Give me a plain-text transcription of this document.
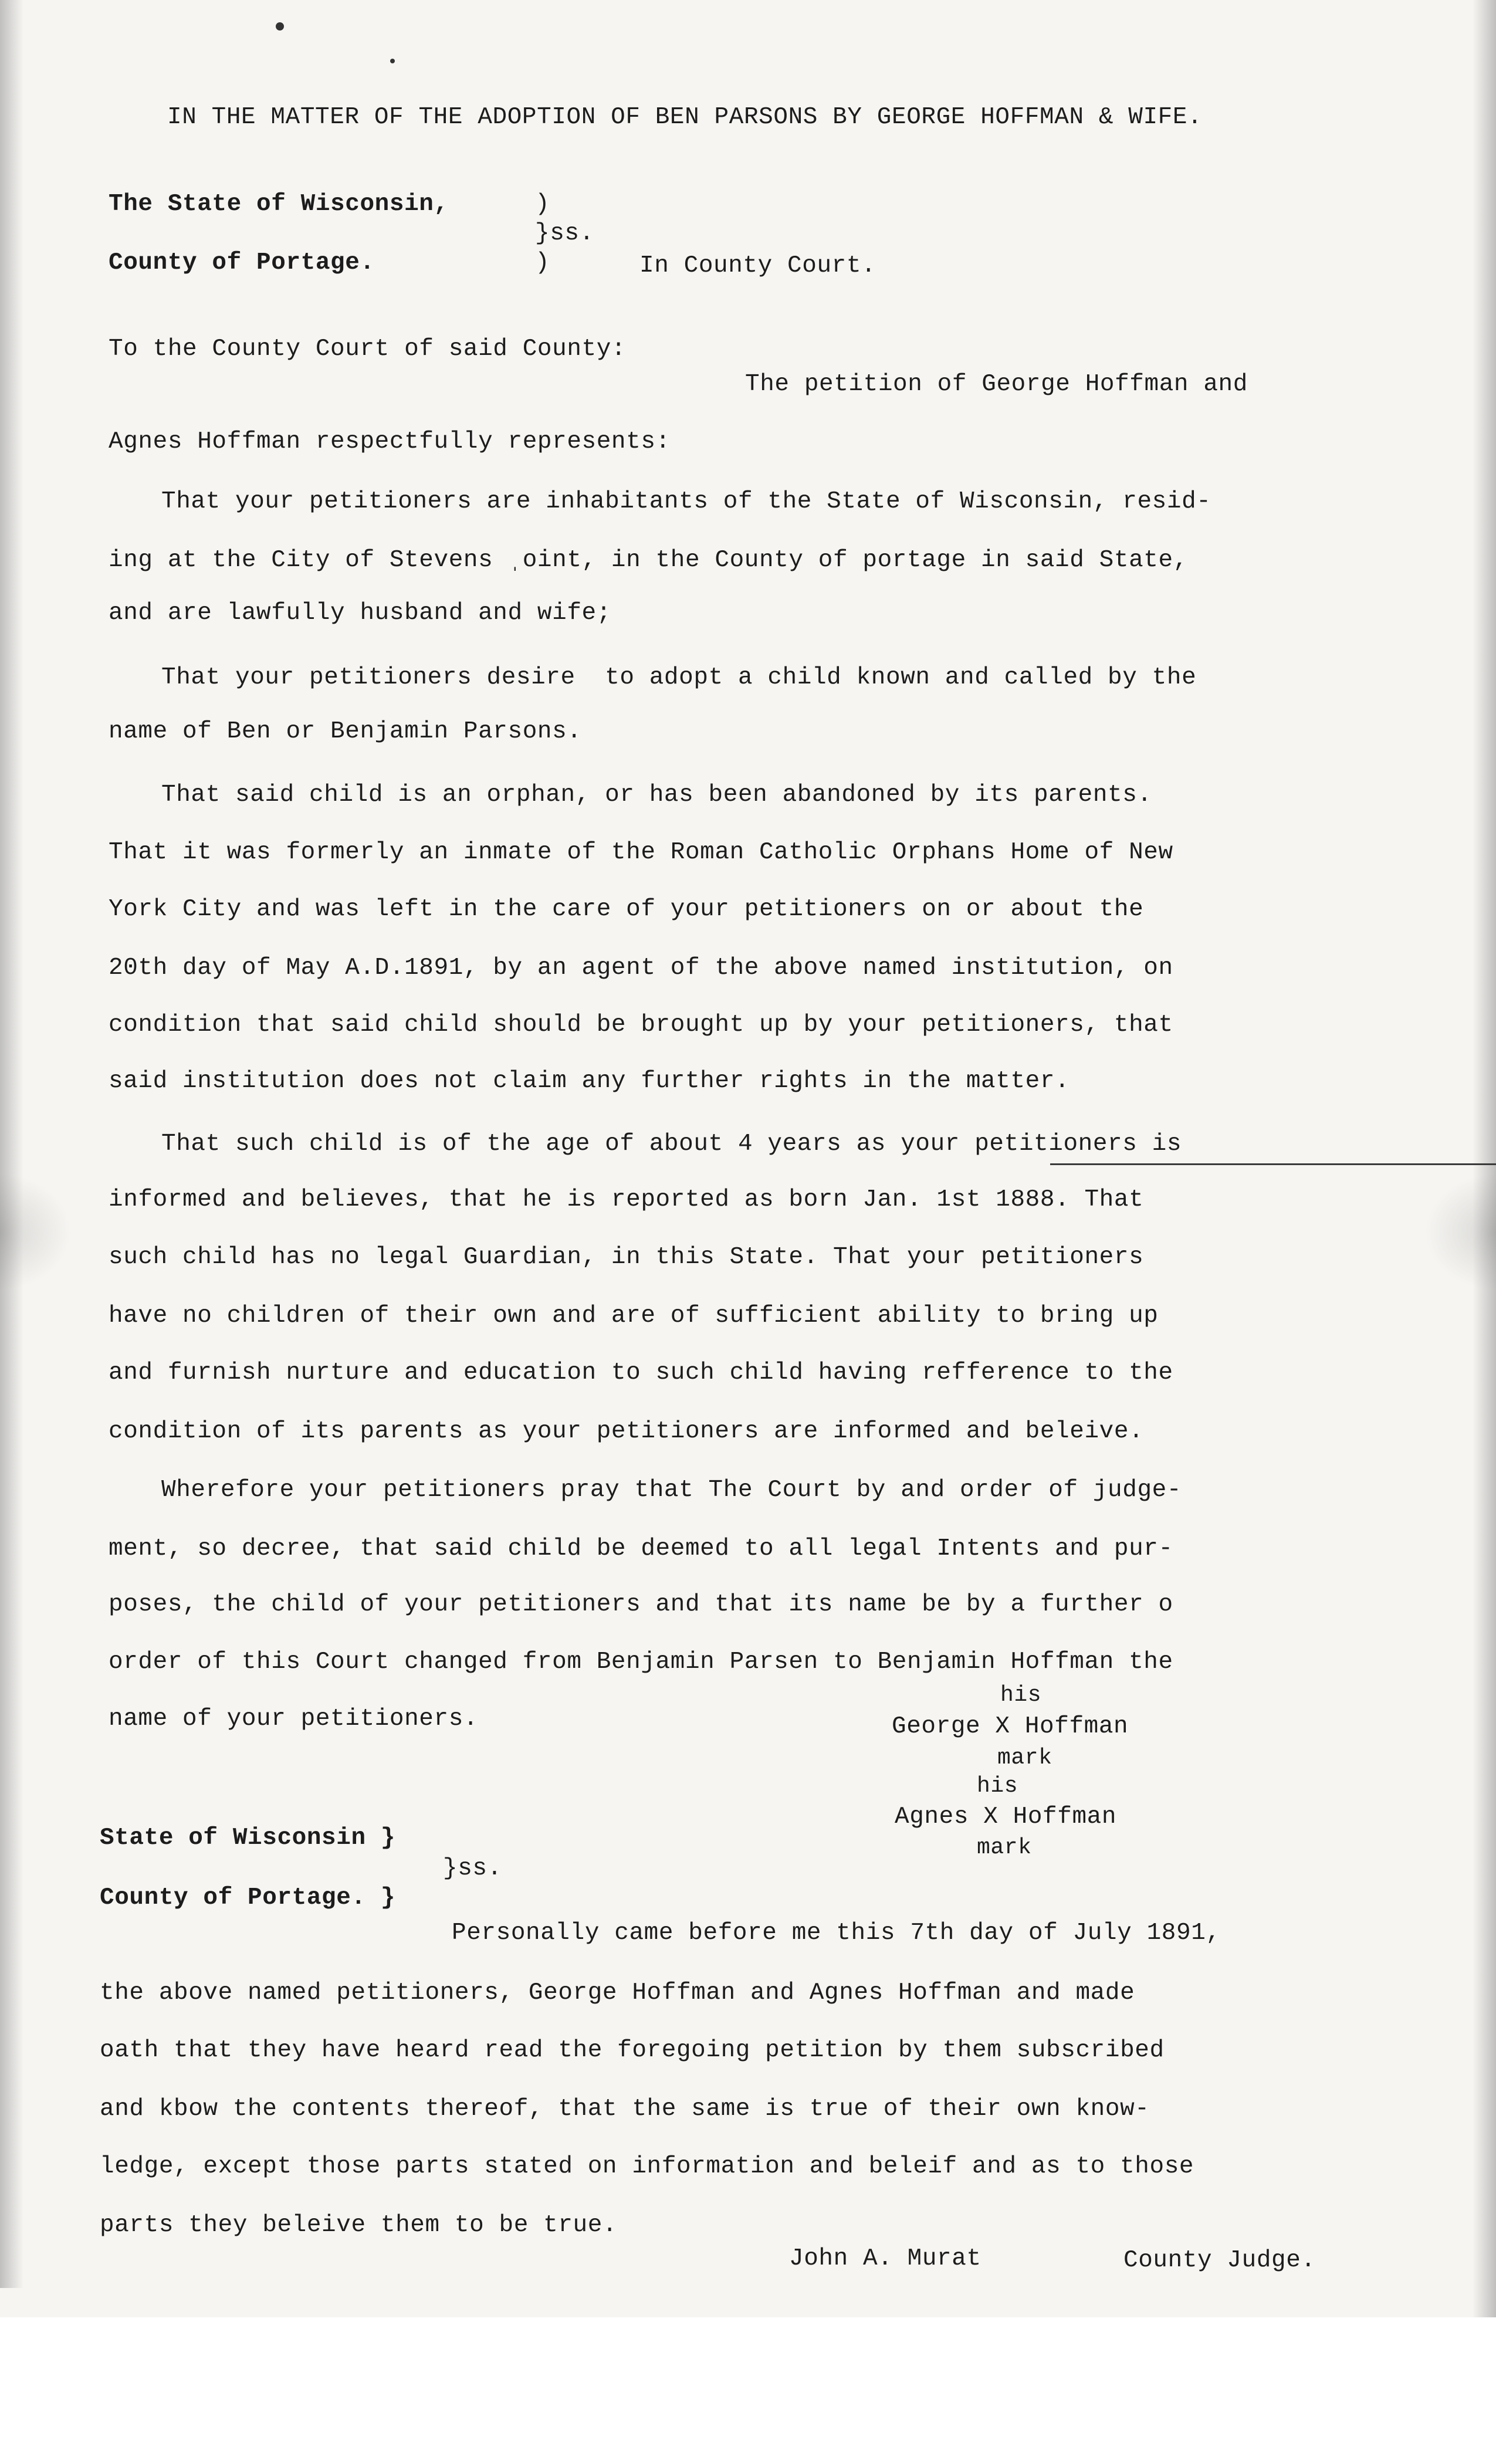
IN THE MATTER OF THE ADOPTION OF BEN PARSONS BY GEORGE HOFFMAN & WIFE.
The State of Wisconsin,	)
}ss.
County of Portage.	)	In County Court.
To the County Court of said County:
The petition of George Hoffman and
Agnes Hoffman respectfully represents:
That your petitioners are inhabitants of the State of Wisconsin, resid-
ing at the City of Stevens ˌoint, in the County of portage in said State,
and are lawfully husband and wife;
That your petitioners desire  to adopt a child known and called by the
name of Ben or Benjamin Parsons.
That said child is an orphan, or has been abandoned by its parents.
That it was formerly an inmate of the Roman Catholic Orphans Home of New
York City and was left in the care of your petitioners on or about the
20th day of May A.D.1891, by an agent of the above named institution, on
condition that said child should be brought up by your petitioners, that
said institution does not claim any further rights in the matter.
That such child is of the age of about 4 years as your petitioners is
informed and believes, that he is reported as born Jan. 1st 1888. That
such child has no legal Guardian, in this State. That your petitioners
have no children of their own and are of sufficient ability to bring up
and furnish nurture and education to such child having refference to the
condition of its parents as your petitioners are informed and beleive.
Wherefore your petitioners pray that The Court by and order of judge-
ment, so decree, that said child be deemed to all legal Intents and pur-
poses, the child of your petitioners and that its name be by a further o
order of this Court changed from Benjamin Parsen to Benjamin Hoffman the
name of your petitioners.
his
George X Hoffman
mark
his
Agnes X Hoffman
mark
State of Wisconsin }
}ss.
County of Portage. }
Personally came before me this 7th day of July 1891,
the above named petitioners, George Hoffman and Agnes Hoffman and made
oath that they have heard read the foregoing petition by them subscribed
and kbow the contents thereof, that the same is true of their own know-
ledge, except those parts stated on information and beleif and as to those
parts they beleive them to be true.
John A. Murat	County Judge.
